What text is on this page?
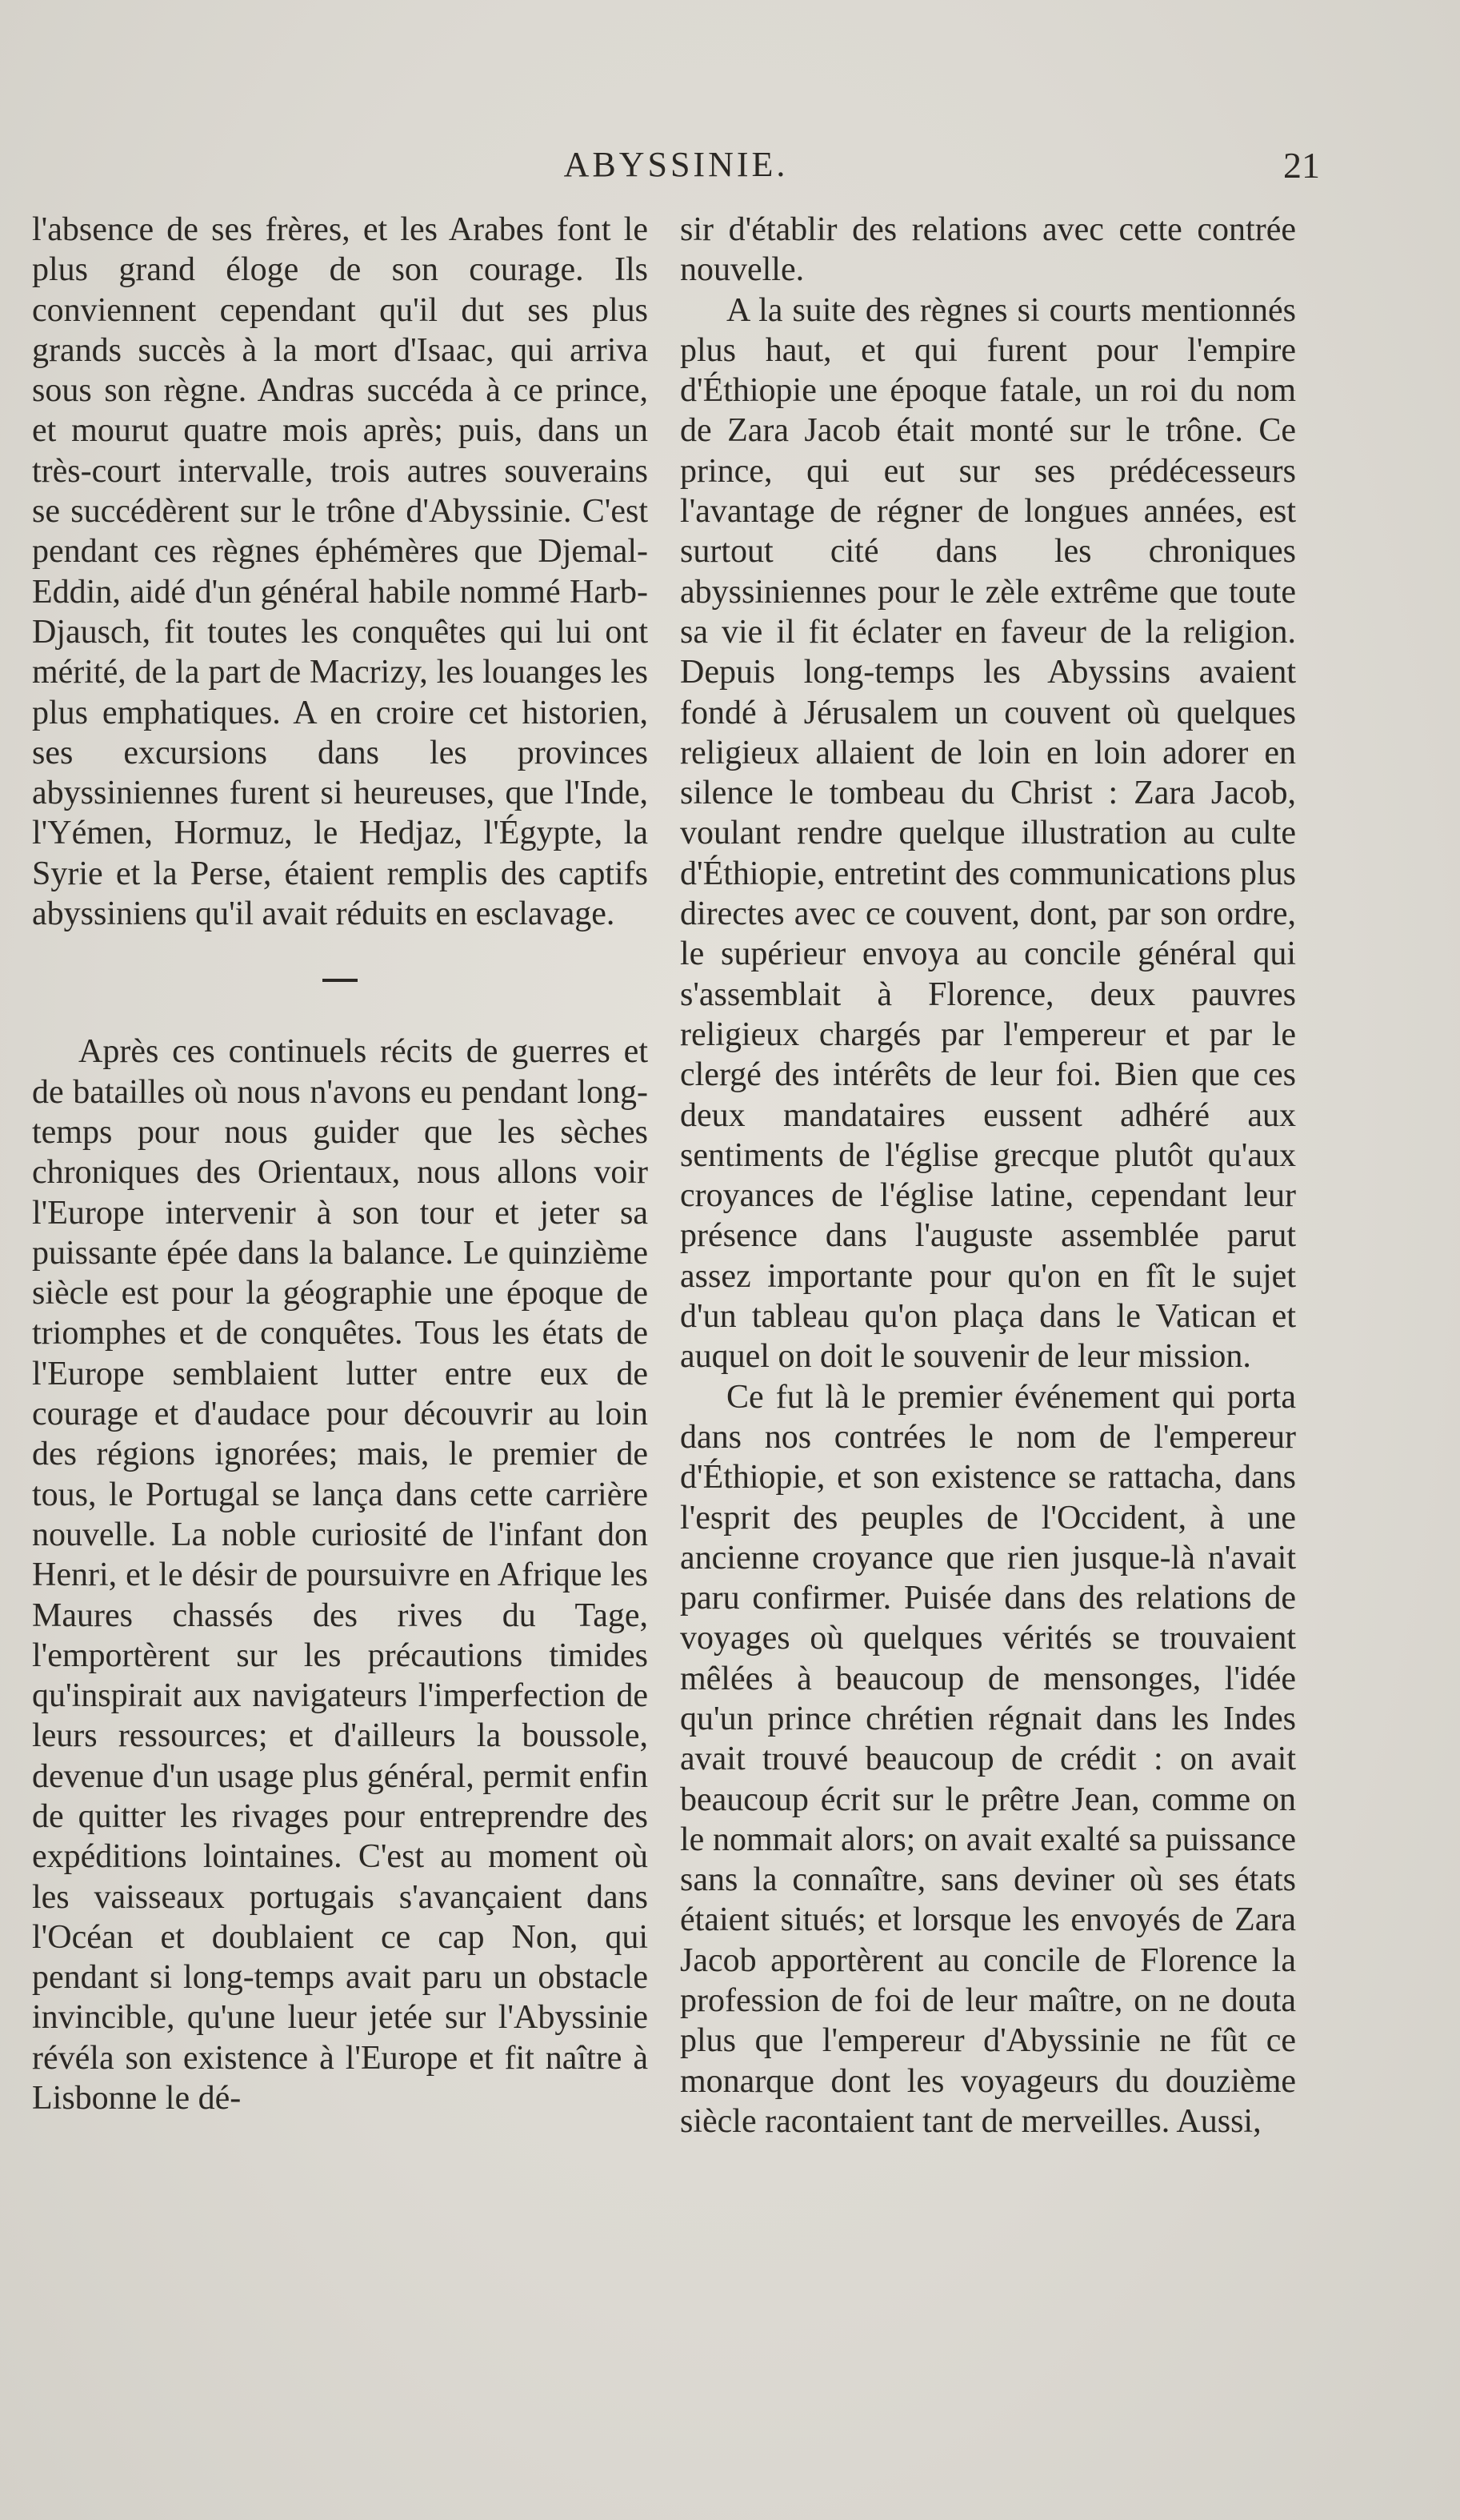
ABYSSINIE.	21

l'absence de ses frères, et les Arabes font le plus grand éloge de son courage. Ils conviennent cependant qu'il dut ses plus grands succès à la mort d'Isaac, qui arriva sous son règne. Andras succéda à ce prince, et mourut quatre mois après; puis, dans un très-court intervalle, trois autres souverains se succédèrent sur le trône d'Abyssinie. C'est pendant ces règnes éphémères que Djemal-Eddin, aidé d'un général habile nommé Harb-Djausch, fit toutes les conquêtes qui lui ont mérité, de la part de Macrizy, les louanges les plus emphatiques. A en croire cet historien, ses excursions dans les provinces abyssiniennes furent si heureuses, que l'Inde, l'Yémen, Hormuz, le Hedjaz, l'Égypte, la Syrie et la Perse, étaient remplis des captifs abyssiniens qu'il avait réduits en esclavage.

Après ces continuels récits de guerres et de batailles où nous n'avons eu pendant long-temps pour nous guider que les sèches chroniques des Orientaux, nous allons voir l'Europe intervenir à son tour et jeter sa puissante épée dans la balance. Le quinzième siècle est pour la géographie une époque de triomphes et de conquêtes. Tous les états de l'Europe semblaient lutter entre eux de courage et d'audace pour découvrir au loin des régions ignorées; mais, le premier de tous, le Portugal se lança dans cette carrière nouvelle. La noble curiosité de l'infant don Henri, et le désir de poursuivre en Afrique les Maures chassés des rives du Tage, l'emportèrent sur les précautions timides qu'inspirait aux navigateurs l'imperfection de leurs ressources; et d'ailleurs la boussole, devenue d'un usage plus général, permit enfin de quitter les rivages pour entreprendre des expéditions lointaines. C'est au moment où les vaisseaux portugais s'avançaient dans l'Océan et doublaient ce cap Non, qui pendant si long-temps avait paru un obstacle invincible, qu'une lueur jetée sur l'Abyssinie révéla son existence à l'Europe et fit naître à Lisbonne le dé-

sir d'établir des relations avec cette contrée nouvelle.

A la suite des règnes si courts mentionnés plus haut, et qui furent pour l'empire d'Éthiopie une époque fatale, un roi du nom de Zara Jacob était monté sur le trône. Ce prince, qui eut sur ses prédécesseurs l'avantage de régner de longues années, est surtout cité dans les chroniques abyssiniennes pour le zèle extrême que toute sa vie il fit éclater en faveur de la religion. Depuis long-temps les Abyssins avaient fondé à Jérusalem un couvent où quelques religieux allaient de loin en loin adorer en silence le tombeau du Christ : Zara Jacob, voulant rendre quelque illustration au culte d'Éthiopie, entretint des communications plus directes avec ce couvent, dont, par son ordre, le supérieur envoya au concile général qui s'assemblait à Florence, deux pauvres religieux chargés par l'empereur et par le clergé des intérêts de leur foi. Bien que ces deux mandataires eussent adhéré aux sentiments de l'église grecque plutôt qu'aux croyances de l'église latine, cependant leur présence dans l'auguste assemblée parut assez importante pour qu'on en fît le sujet d'un tableau qu'on plaça dans le Vatican et auquel on doit le souvenir de leur mission.

Ce fut là le premier événement qui porta dans nos contrées le nom de l'empereur d'Éthiopie, et son existence se rattacha, dans l'esprit des peuples de l'Occident, à une ancienne croyance que rien jusque-là n'avait paru confirmer. Puisée dans des relations de voyages où quelques vérités se trouvaient mêlées à beaucoup de mensonges, l'idée qu'un prince chrétien régnait dans les Indes avait trouvé beaucoup de crédit : on avait beaucoup écrit sur le prêtre Jean, comme on le nommait alors; on avait exalté sa puissance sans la connaître, sans deviner où ses états étaient situés; et lorsque les envoyés de Zara Jacob apportèrent au concile de Florence la profession de foi de leur maître, on ne douta plus que l'empereur d'Abyssinie ne fût ce monarque dont les voyageurs du douzième siècle racontaient tant de merveilles. Aussi,
